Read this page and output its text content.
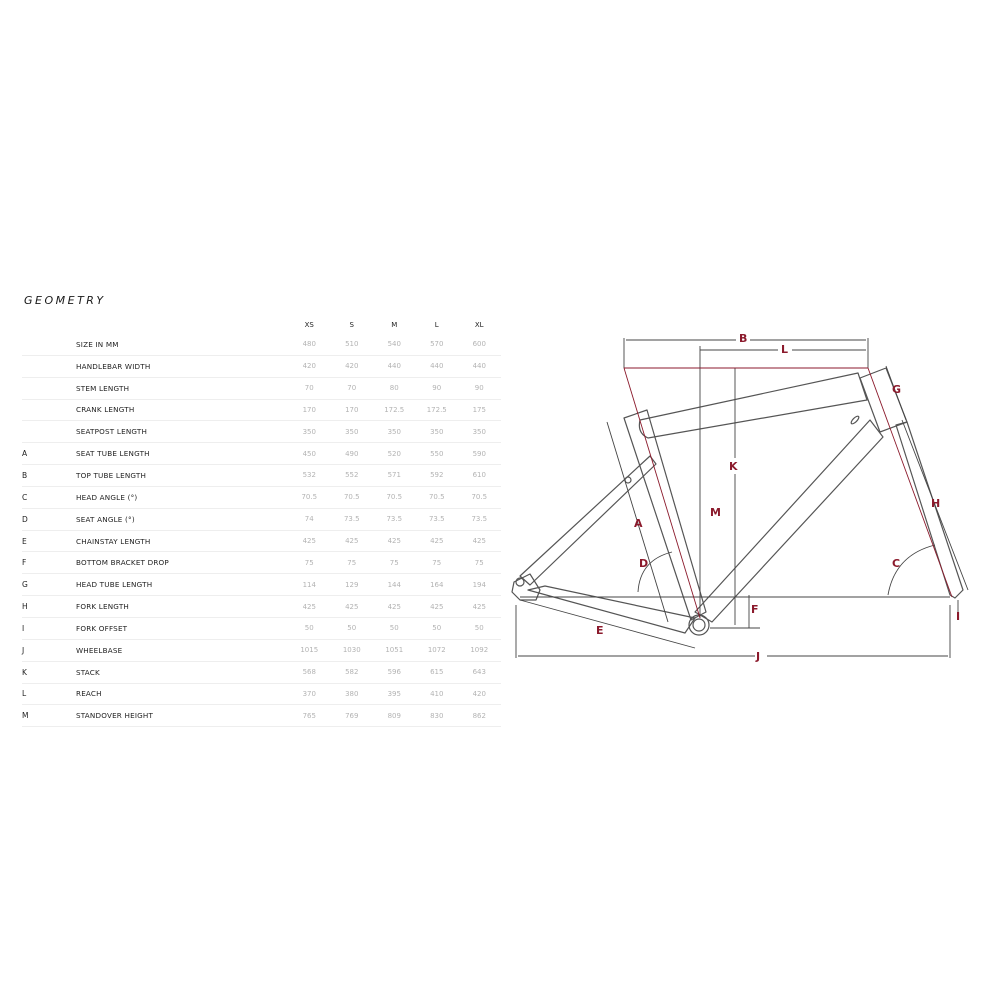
GEOMETRY
		XS	S	M	L	XL
	SIZE IN MM	480	510	540	570	600
	HANDLEBAR WIDTH	420	420	440	440	440
	STEM LENGTH	70	70	80	90	90
	CRANK LENGTH	170	170	172.5	172.5	175
	SEATPOST LENGTH	350	350	350	350	350
A	SEAT TUBE LENGTH	450	490	520	550	590
B	TOP TUBE LENGTH	532	552	571	592	610
C	HEAD ANGLE (°)	70.5	70.5	70.5	70.5	70.5
D	SEAT ANGLE (°)	74	73.5	73.5	73.5	73.5
E	CHAINSTAY LENGTH	425	425	425	425	425
F	BOTTOM BRACKET DROP	75	75	75	75	75
G	HEAD TUBE LENGTH	114	129	144	164	194
H	FORK LENGTH	425	425	425	425	425
I	FORK OFFSET	50	50	50	50	50
J	WHEELBASE	1015	1030	1051	1072	1092
K	STACK	568	582	596	615	643
L	REACH	370	380	395	410	420
M	STANDOVER HEIGHT	765	769	809	830	862
B
L
G
K
H
M
A
C
D
F
I
E
J
